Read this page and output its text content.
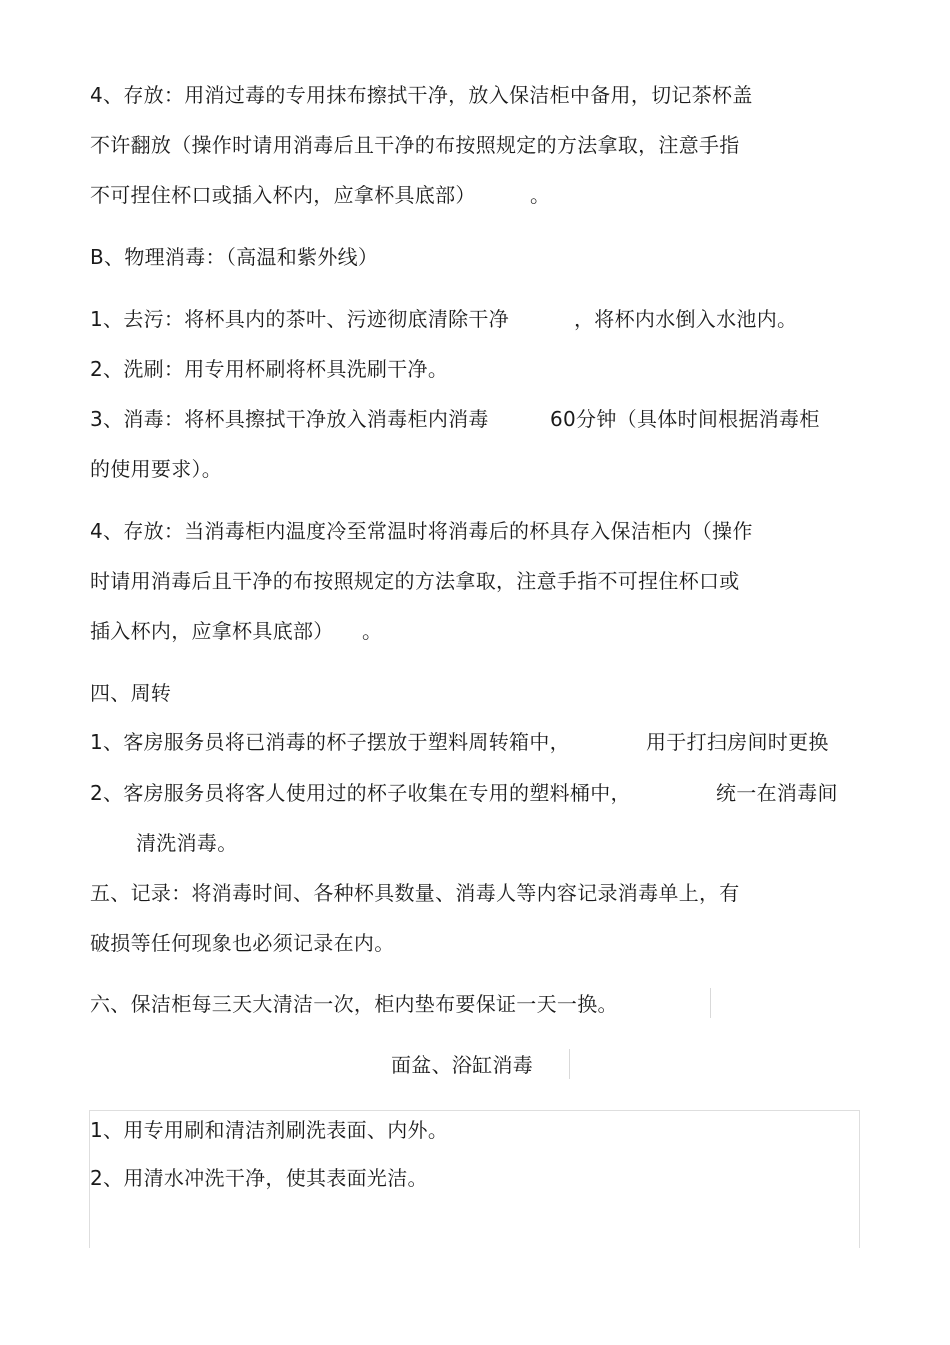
4、存放：用消过毒的专用抹布擦拭干净，放入保洁柜中备用，切记茶杯盖
不许翻放（操作时请用消毒后且干净的布按照规定的方法拿取，注意手指

不可捏住杯口或插入杯内，应拿杯具底部）

	。

B、物理消毒：（高温和紫外线）

1、去污：将杯具内的茶叶、污迹彻底清除干净

	，将杯内水倒入水池内。

2、洗刷：用专用杯刷将杯具洗刷干净。

3、消毒：将杯具擦拭干净放入消毒柜内消毒

	60分钟（具体时间根据消毒柜

的使用要求）。
4、存放：当消毒柜内温度冷至常温时将消毒后的杯具存入保洁柜内（操作
时请用消毒后且干净的布按照规定的方法拿取，注意手指不可捏住杯口或

插入杯内，应拿杯具底部）

。

四、周转

1、客房服务员将已消毒的杯子摆放于塑料周转箱中，

	用于打扫房间时更换

2、客房服务员将客人使用过的杯子收集在专用的塑料桶中，

	统一在消毒间

清洗消毒。
五、记录：将消毒时间、各种杯具数量、消毒人等内容记录消毒单上，有
破损等任何现象也必须记录在内。
六、保洁柜每三天大清洁一次，柜内垫布要保证一天一换。
面盆、浴缸消毒
1、用专用刷和清洁剂刷洗表面、内外。
2、用清水冲洗干净，使其表面光洁。
